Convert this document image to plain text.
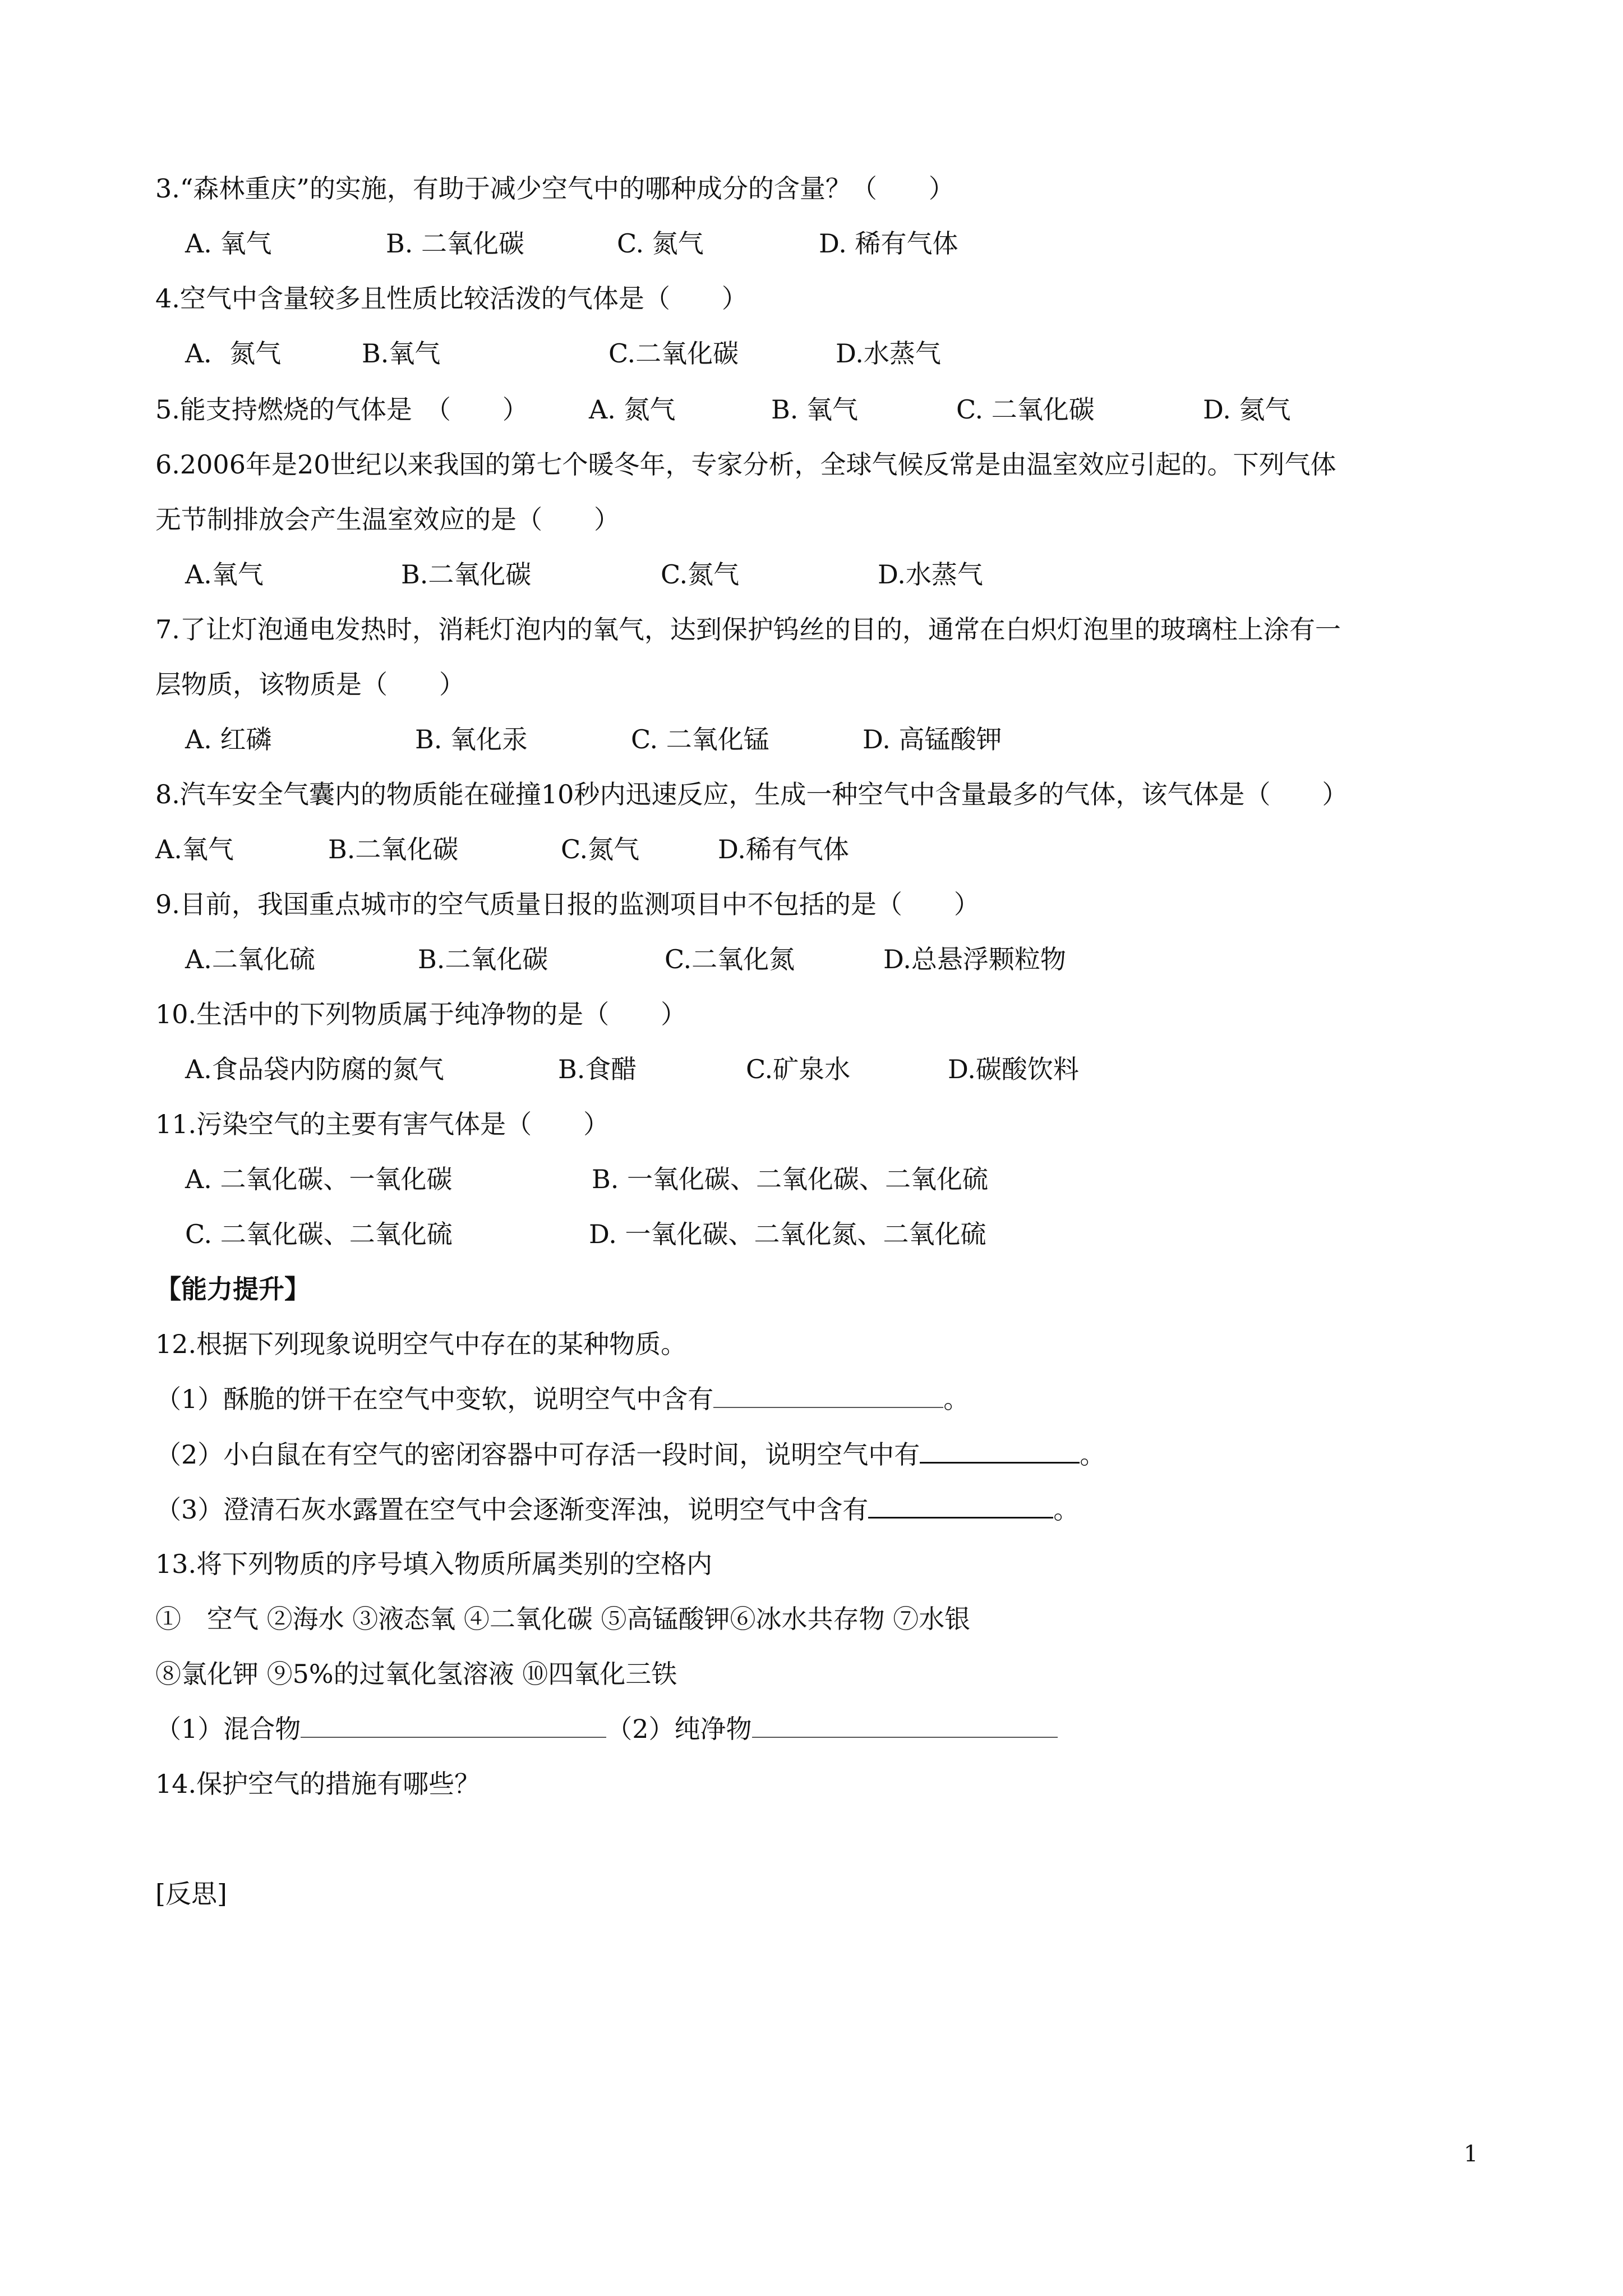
3.“森林重庆”的实施，有助于减少空气中的哪种成分的含量？（　　）
A. 氧气	B. 二氧化碳	C. 氮气	D. 稀有气体
4.空气中含量较多且性质比较活泼的气体是（　　）
A．氮气	B.氧气	C.二氧化碳	D.水蒸气
5.能支持燃烧的气体是　（　　） A. 氮气	B. 氧气	C. 二氧化碳	D. 氦气
6.2006年是20世纪以来我国的第七个暖冬年，专家分析，全球气候反常是由温室效应引起的。下列气体
无节制排放会产生温室效应的是（　　）
A.氧气	B.二氧化碳	C.氮气	D.水蒸气
7.了让灯泡通电发热时，消耗灯泡内的氧气，达到保护钨丝的目的，通常在白炽灯泡里的玻璃柱上涂有一
层物质，该物质是（　　）
A. 红磷	B. 氧化汞	C. 二氧化锰	D. 高锰酸钾
8.汽车安全气囊内的物质能在碰撞10秒内迅速反应，生成一种空气中含量最多的气体，该气体是（　　）
A.氧气	B.二氧化碳	C.氮气	D.稀有气体
9.目前，我国重点城市的空气质量日报的监测项目中不包括的是（　　）
A.二氧化硫	B.二氧化碳	C.二氧化氮	D.总悬浮颗粒物
10.生活中的下列物质属于纯净物的是（　　）
A.食品袋内防腐的氮气	B.食醋	C.矿泉水	D.碳酸饮料
11.污染空气的主要有害气体是（　　）
A. 二氧化碳、一氧化碳	B. 一氧化碳、二氧化碳、二氧化硫
C. 二氧化碳、二氧化硫	D. 一氧化碳、二氧化氮、二氧化硫
【能力提升】
12.根据下列现象说明空气中存在的某种物质。
（1）酥脆的饼干在空气中变软，说明空气中含有	。
（2）小白鼠在有空气的密闭容器中可存活一段时间，说明空气中有	。
（3）澄清石灰水露置在空气中会逐渐变浑浊，说明空气中含有	。
13.将下列物质的序号填入物质所属类别的空格内
①　空气 ②海水 ③液态氧 ④二氧化碳 ⑤高锰酸钾⑥冰水共存物 ⑦水银
⑧氯化钾 ⑨5%的过氧化氢溶液 ⑩四氧化三铁
（1）混合物	（2）纯净物
14.保护空气的措施有哪些？
[反思]
1
